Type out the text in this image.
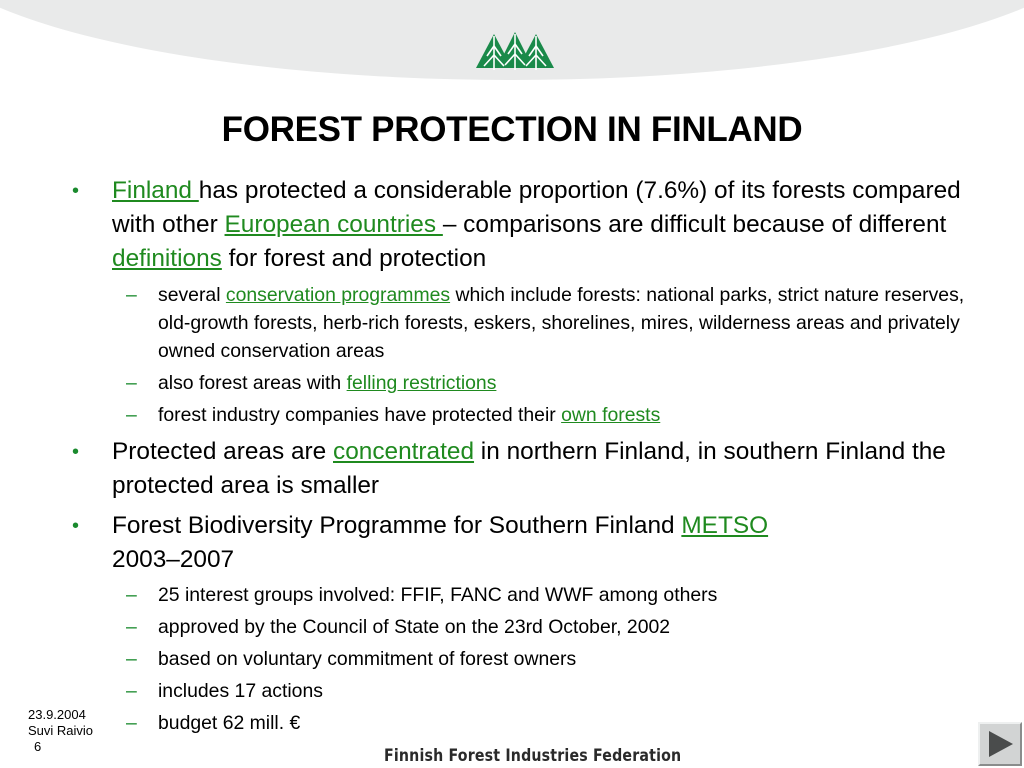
FOREST PROTECTION IN FINLAND
• Finland has protected a considerable proportion (7.6%) of its forests compared with other European countries – comparisons are difficult because of different definitions for forest and protection
– several conservation programmes which include forests: national parks, strict nature reserves, old-growth forests, herb-rich forests, eskers, shorelines, mires, wilderness areas and privately owned conservation areas
– also forest areas with felling restrictions
– forest industry companies have protected their own forests
• Protected areas are concentrated in northern Finland, in southern Finland the protected area is smaller
• Forest Biodiversity Programme for Southern Finland METSO
2003–2007
– 25 interest groups involved: FFIF, FANC and WWF among others
– approved by the Council of State on the 23rd October, 2002
– based on voluntary commitment of forest owners
– includes 17 actions
– budget 62 mill. €
23.9.2004
Suvi Raivio
6	Finnish Forest Industries Federation
